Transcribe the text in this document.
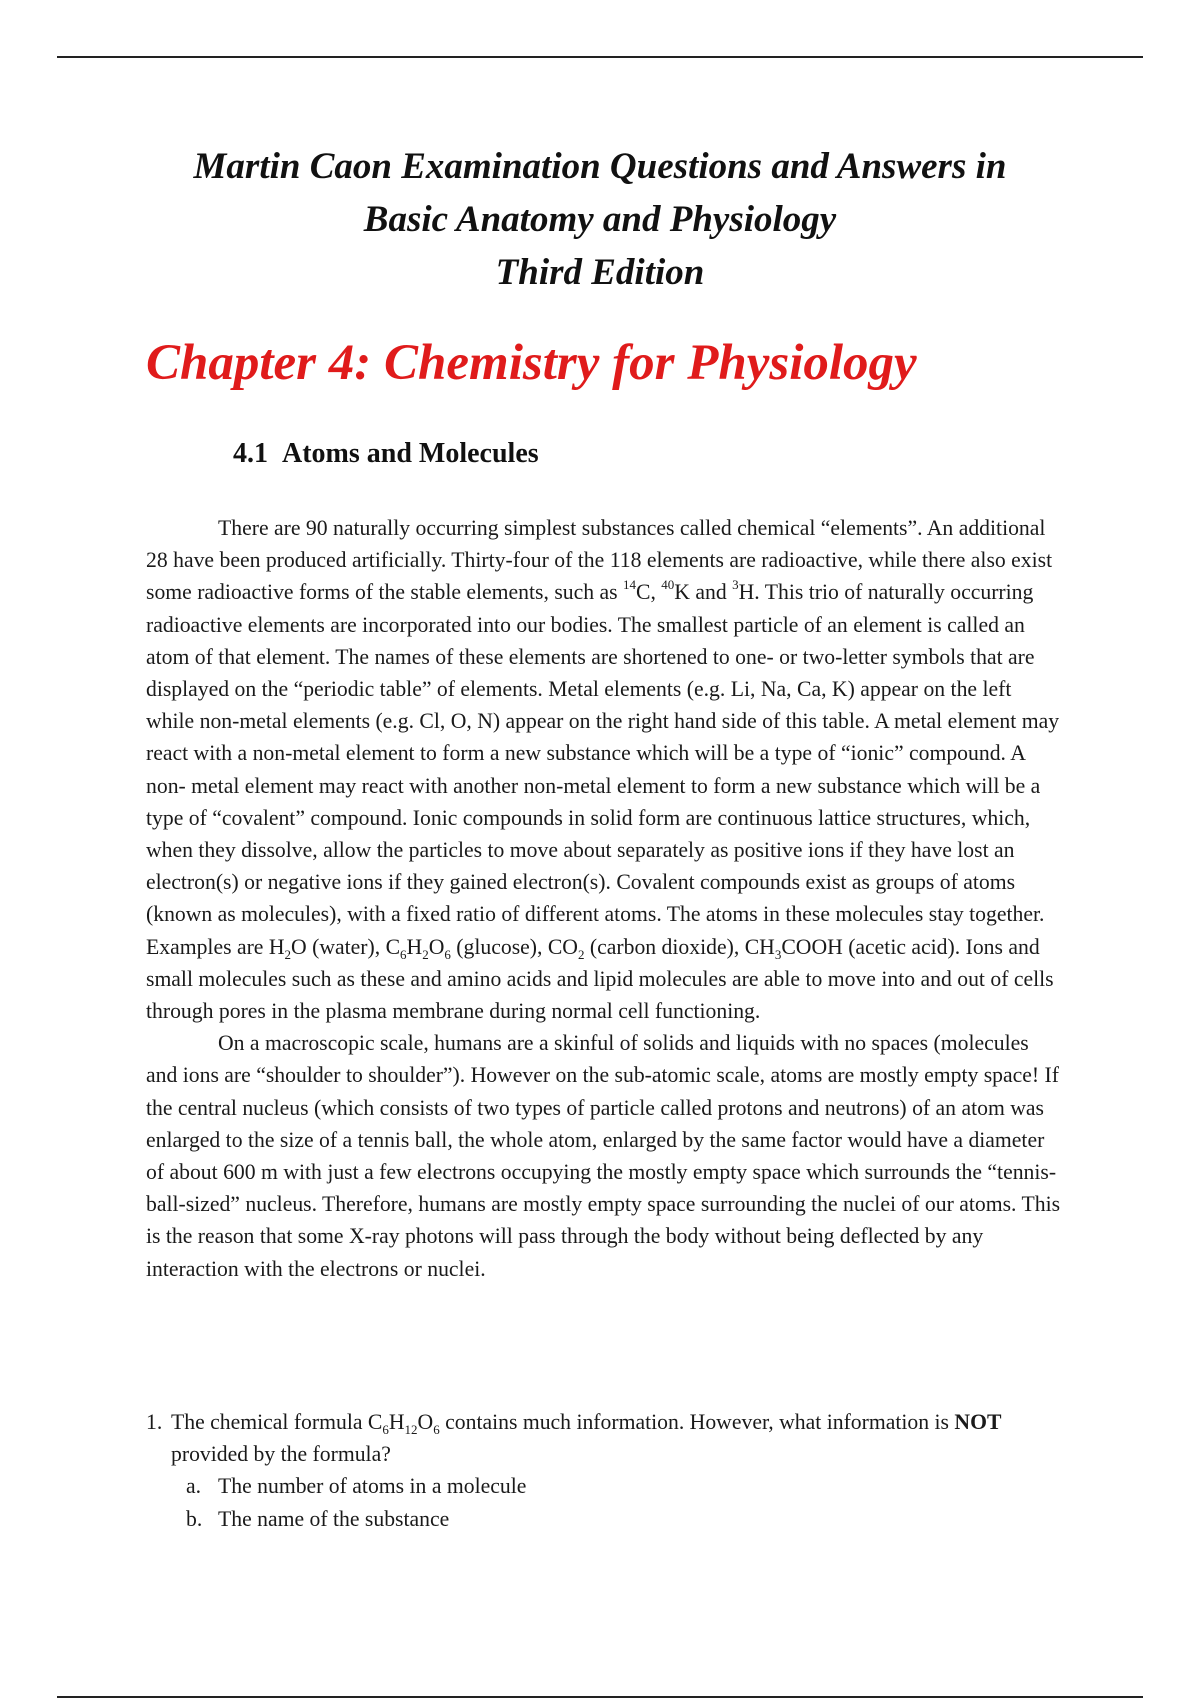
Martin Caon Examination Questions and Answers in
Basic Anatomy and Physiology
Third Edition
Chapter 4: Chemistry for Physiology
4.1 Atoms and Molecules

There are 90 naturally occurring simplest substances called chemical “elements”. An additional 28 have been produced artificially. Thirty-four of the 118 elements are radioactive, while there also exist some radioactive forms of the stable elements, such as $^{14}$C, $^{40}$K and $^3$H. This trio of naturally occurring radioactive elements are incorporated into our bodies. The smallest particle of an element is called an atom of that element. The names of these elements are shortened to one- or two-letter symbols that are displayed on the “periodic table” of elements. Metal elements (e.g. Li, Na, Ca, K) appear on the left while non-metal elements (e.g. Cl, O, N) appear on the right hand side of this table. A metal element may react with a non-metal element to form a new substance which will be a type of “ionic” compound. A non- metal element may react with another non-metal element to form a new substance which will be a type of “covalent” compound. Ionic compounds in solid form are continuous lattice structures, which, when they dissolve, allow the particles to move about separately as positive ions if they have lost an electron(s) or negative ions if they gained electron(s). Covalent compounds exist as groups of atoms (known as molecules), with a fixed ratio of different atoms. The atoms in these molecules stay together. Examples are $H_2O$ (water), $C_6H_2O_6$ (glucose), $CO_2$ (carbon dioxide), $CH_3COOH$ (acetic acid). Ions and small molecules such as these and amino acids and lipid molecules are able to move into and out of cells through pores in the plasma membrane during normal cell functioning.

On a macroscopic scale, humans are a skinful of solids and liquids with no spaces (molecules and ions are “shoulder to shoulder”). However on the sub-atomic scale, atoms are mostly empty space! If the central nucleus (which consists of two types of particle called protons and neutrons) of an atom was enlarged to the size of a tennis ball, the whole atom, enlarged by the same factor would have a diameter of about 600 m with just a few electrons occupying the mostly empty space which surrounds the “tennis-ball-sized” nucleus. Therefore, humans are mostly empty space surrounding the nuclei of our atoms. This is the reason that some X-ray photons will pass through the body without being deflected by any interaction with the electrons or nuclei.

1. The chemical formula $C_6H_{12}O_6$ contains much information. However, what information is NOT provided by the formula?
a. The number of atoms in a molecule
b. The name of the substance
